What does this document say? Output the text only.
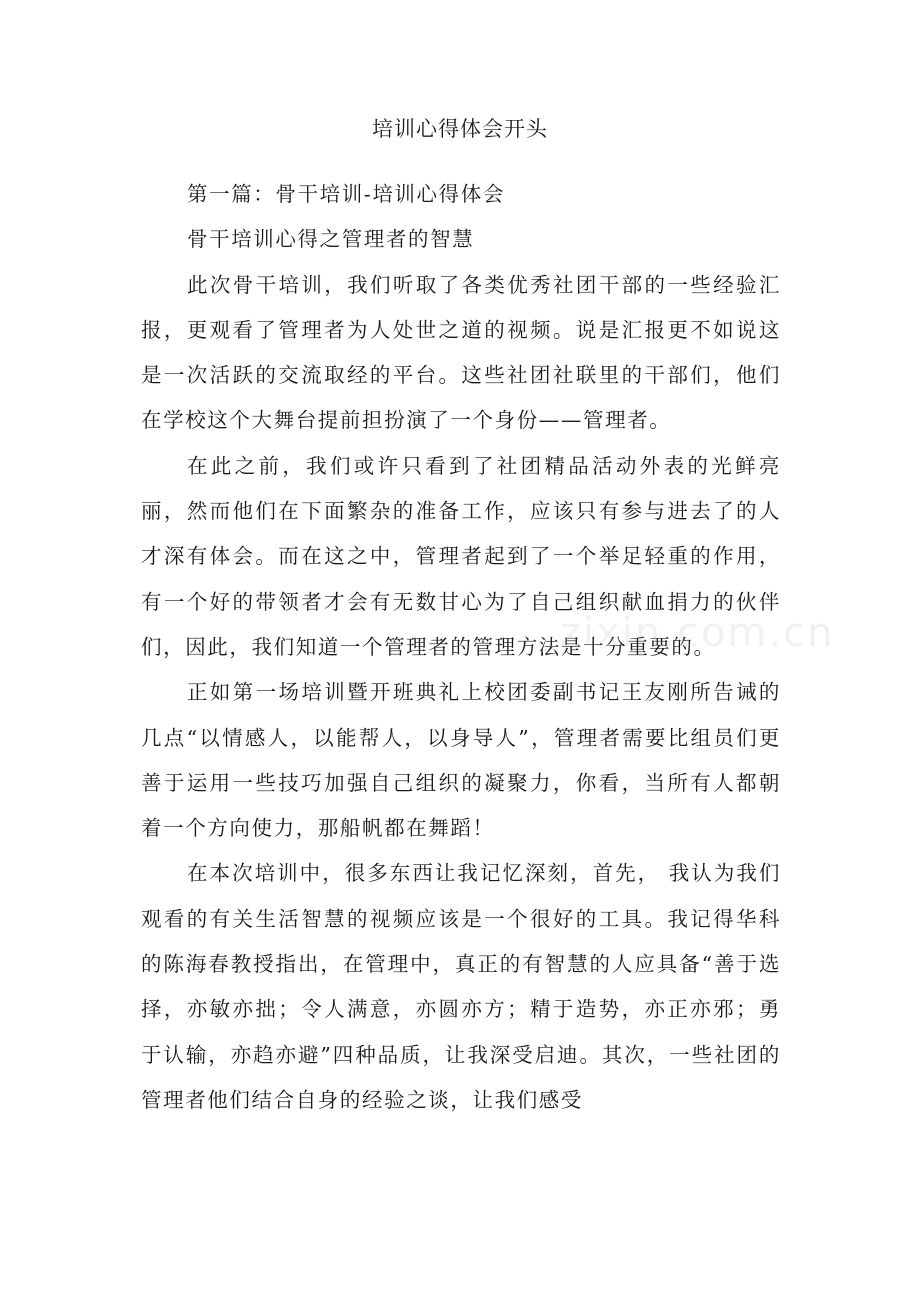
培训心得体会开头

第一篇：骨干培训-培训心得体会

骨干培训心得之管理者的智慧

此次骨干培训，我们听取了各类优秀社团干部的一些经验汇报，更观看了管理者为人处世之道的视频。说是汇报更不如说这是一次活跃的交流取经的平台。这些社团社联里的干部们，他们在学校这个大舞台提前担扮演了一个身份——管理者。

在此之前，我们或许只看到了社团精品活动外表的光鲜亮丽，然而他们在下面繁杂的准备工作，应该只有参与进去了的人才深有体会。而在这之中，管理者起到了一个举足轻重的作用，有一个好的带领者才会有无数甘心为了自己组织献血捐力的伙伴们，因此，我们知道一个管理者的管理方法是十分重要的。

正如第一场培训暨开班典礼上校团委副书记王友刚所告诫的几点“以情感人，以能帮人，以身导人”，管理者需要比组员们更善于运用一些技巧加强自己组织的凝聚力，你看，当所有人都朝着一个方向使力，那船帆都在舞蹈！

在本次培训中，很多东西让我记忆深刻，首先， 我认为我们观看的有关生活智慧的视频应该是一个很好的工具。我记得华科的陈海春教授指出，在管理中，真正的有智慧的人应具备“善于选择，亦敏亦拙；令人满意，亦圆亦方；精于造势，亦正亦邪；勇于认输，亦趋亦避”四种品质，让我深受启迪。其次，一些社团的管理者他们结合自身的经验之谈，让我们感受

zixin.com.cn
